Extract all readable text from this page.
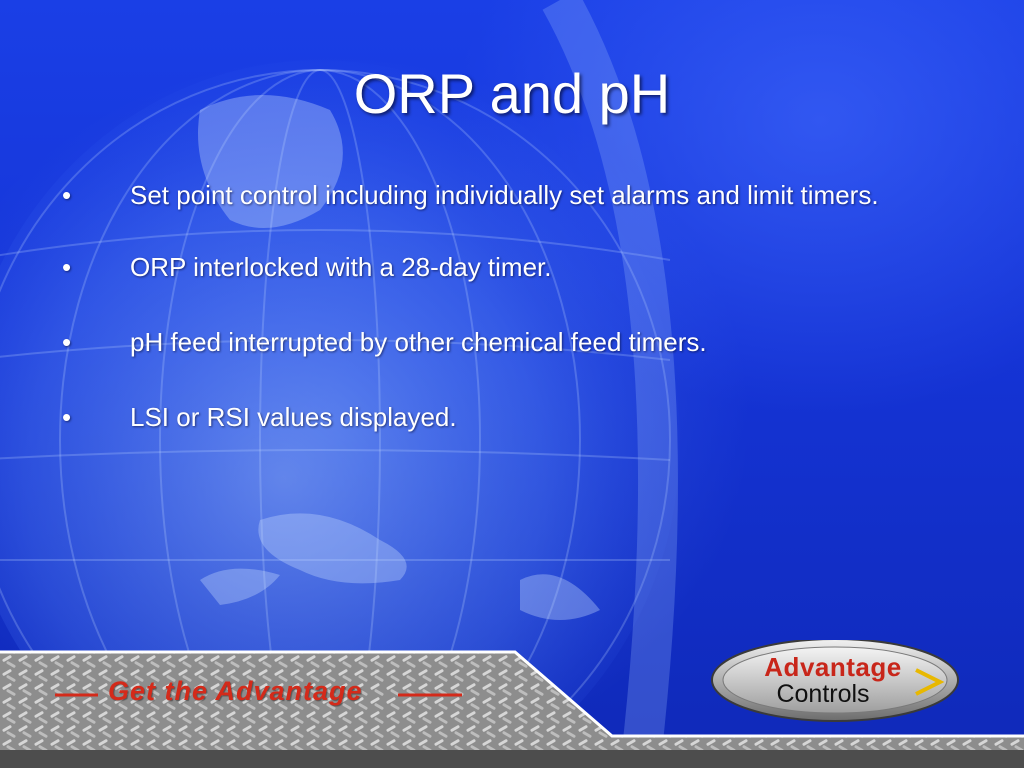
ORP and pH
•	Set point control including individually set alarms and limit timers.
•	ORP interlocked with a 28-day timer.
•	pH feed interrupted by other chemical feed timers.
•	LSI or RSI values displayed.
Get the Advantage
Advantage
Controls
